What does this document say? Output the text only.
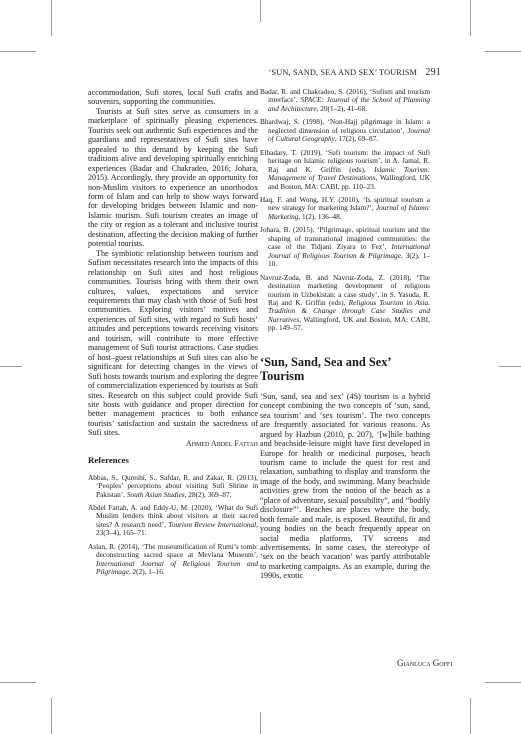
‘SUN, SAND, SEA AND SEX’ TOURISM 291

accommodation, Sufi stores, local Sufi crafts and souvenirs, supporting the communities.

Tourists at Sufi sites serve as consumers in a marketplace of spiritually pleasing experiences. Tourists seek out authentic Sufi experiences and the guardians and representatives of Sufi sites have appealed to this demand by keeping the Sufi traditions alive and developing spiritually enriching experiences (Badar and Chakradeo, 2016; Johara, 2015). Accordingly, they provide an opportunity for non-Muslim visitors to experience an unorthodox form of Islam and can help to show ways forward for developing bridges between Islamic and non-Islamic tourism. Sufi tourism creates an image of the city or region as a tolerant and inclusive tourist destination, affecting the decision making of further potential tourists.

The symbiotic relationship between tourism and Sufism necessitates research into the impacts of this relationship on Sufi sites and host religious communities. Tourists bring with them their own cultures, values, expectations and service requirements that may clash with those of Sufi host communities. Exploring visitors’ motives and experiences of Sufi sites, with regard to Sufi hosts’ attitudes and perceptions towards receiving visitors and tourism, will contribute to more effective management of Sufi tourist attractions. Case studies of host–guest relationships at Sufi sites can also be significant for detecting changes in the views of Sufi hosts towards tourism and exploring the degree of commercialization experienced by tourists at Sufi sites. Research on this subject could provide Sufi site hosts with guidance and proper direction for better management practices to both enhance tourists’ satisfaction and sustain the sacredness of Sufi sites.

Ahmed Abdel Fattah
References

Abbas, S., Qureshi, S., Safdar, R. and Zakar, R. (2013), ‘Peoples’ perceptions about visiting Sufi Shrine in Pakistan’, South Asian Studies, 28(2), 369–87.

Abdel Fattah, A. and Eddy-U, M. (2020), ‘What do Sufi Muslim lenders think about visitors at their sacred sites? A research need’, Tourism Review International, 23(3–4), 165–71.

Aslan, R. (2014), ‘The museumification of Rumi’s tomb: deconstructing sacred space at Mevlana Museum’, International Journal of Religious Tourism and Pilgrimage, 2(2), 1–16.

Badar, R. and Chakradeo, S. (2016), ‘Sufism and tourism interface’, SPACE: Journal of the School of Planning and Architecture, 20(1–2), 41–68.

Bhardwaj, S. (1998), ‘Non-Hajj pilgrimage in Islam: a neglected dimension of religious circulation’, Journal of Cultural Geography, 17(2), 69–87.

Elhadary, T. (2019), ‘Sufi tourism: the impact of Sufi heritage on Islamic religious tourism’, in A. Jamal, R. Raj and K. Griffin (eds), Islamic Tourism: Management of Travel Destinations, Wallingford, UK and Boston, MA: CABI, pp. 110–23.

Haq, F. and Wong, H.Y. (2010), ‘Is spiritual tourism a new strategy for marketing Islam?’, Journal of Islamic Marketing, 1(2), 136–48.

Johara, B. (2015), ‘Pilgrimage, spiritual tourism and the shaping of transnational imagined communities: the case of the Tidjani Ziyara to Fez’, International Journal of Religious Tourism & Pilgrimage, 3(2), 1–10.

Navruz-Zoda, B. and Navruz-Zoda, Z. (2018), ‘The destination marketing development of religious tourism in Uzbekistan: a case study’, in S. Yasuda, R. Raj and K. Griffin (eds), Religious Tourism in Asia. Tradition & Change through Case Studies and Narratives, Wallingford, UK and Boston, MA: CABI, pp. 149–57.

‘Sun, Sand, Sea and Sex’ Tourism

‘Sun, sand, sea and sex’ (4S) tourism is a hybrid concept combining the two concepts of ‘sun, sand, sea tourism’ and ‘sex tourism’. The two concepts are frequently associated for various reasons. As argued by Hazbun (2010, p. 207), ‘[w]hile bathing and beachside-leisure might have first developed in Europe for health or medicinal purposes, beach tourism came to include the quest for rest and relaxation, sunbathing to display and transform the image of the body, and swimming. Many beachside activities grew from the notion of the beach as a “place of adventure, sexual possibility”, and “bodily disclosure”’. Beaches are places where the body, both female and male, is exposed. Beautiful, fit and young bodies on the beach frequently appear on social media platforms, TV screens and advertisements. In some cases, the stereotype of ‘sex on the beach vacation’ was partly attributable to marketing campaigns. As an example, during the 1990s, exotic

Gianluca Goffi
